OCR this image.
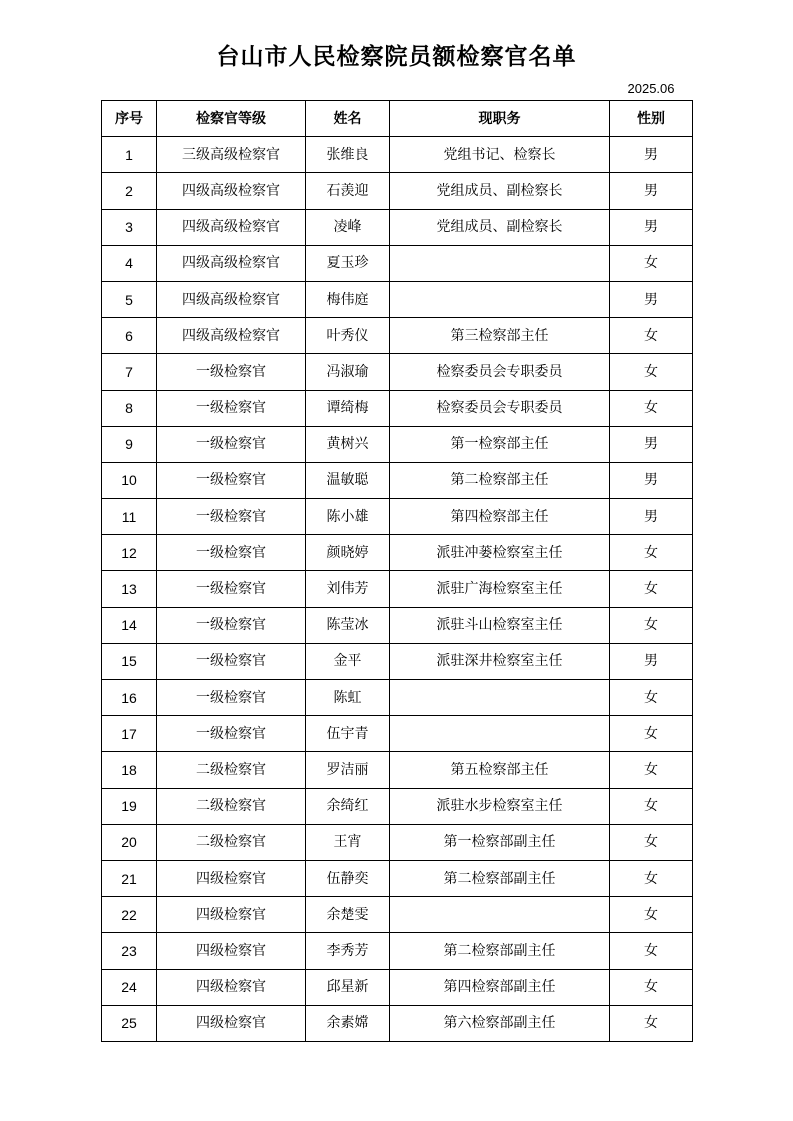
台山市人民检察院员额检察官名单
2025.06
序号	检察官等级	姓名	现职务	性别
1	三级高级检察官	张维良	党组书记、检察长	男
2	四级高级检察官	石羡迎	党组成员、副检察长	男
3	四级高级检察官	凌峰	党组成员、副检察长	男
4	四级高级检察官	夏玉珍		女
5	四级高级检察官	梅伟庭		男
6	四级高级检察官	叶秀仪	第三检察部主任	女
7	一级检察官	冯淑瑜	检察委员会专职委员	女
8	一级检察官	谭绮梅	检察委员会专职委员	女
9	一级检察官	黄树兴	第一检察部主任	男
10	一级检察官	温敏聪	第二检察部主任	男
11	一级检察官	陈小雄	第四检察部主任	男
12	一级检察官	颜晓婷	派驻冲蒌检察室主任	女
13	一级检察官	刘伟芳	派驻广海检察室主任	女
14	一级检察官	陈莹冰	派驻斗山检察室主任	女
15	一级检察官	金平	派驻深井检察室主任	男
16	一级检察官	陈虹		女
17	一级检察官	伍宇青		女
18	二级检察官	罗洁丽	第五检察部主任	女
19	二级检察官	余绮红	派驻水步检察室主任	女
20	二级检察官	王宵	第一检察部副主任	女
21	四级检察官	伍静奕	第二检察部副主任	女
22	四级检察官	余楚雯		女
23	四级检察官	李秀芳	第二检察部副主任	女
24	四级检察官	邱星新	第四检察部副主任	女
25	四级检察官	余素嫦	第六检察部副主任	女
